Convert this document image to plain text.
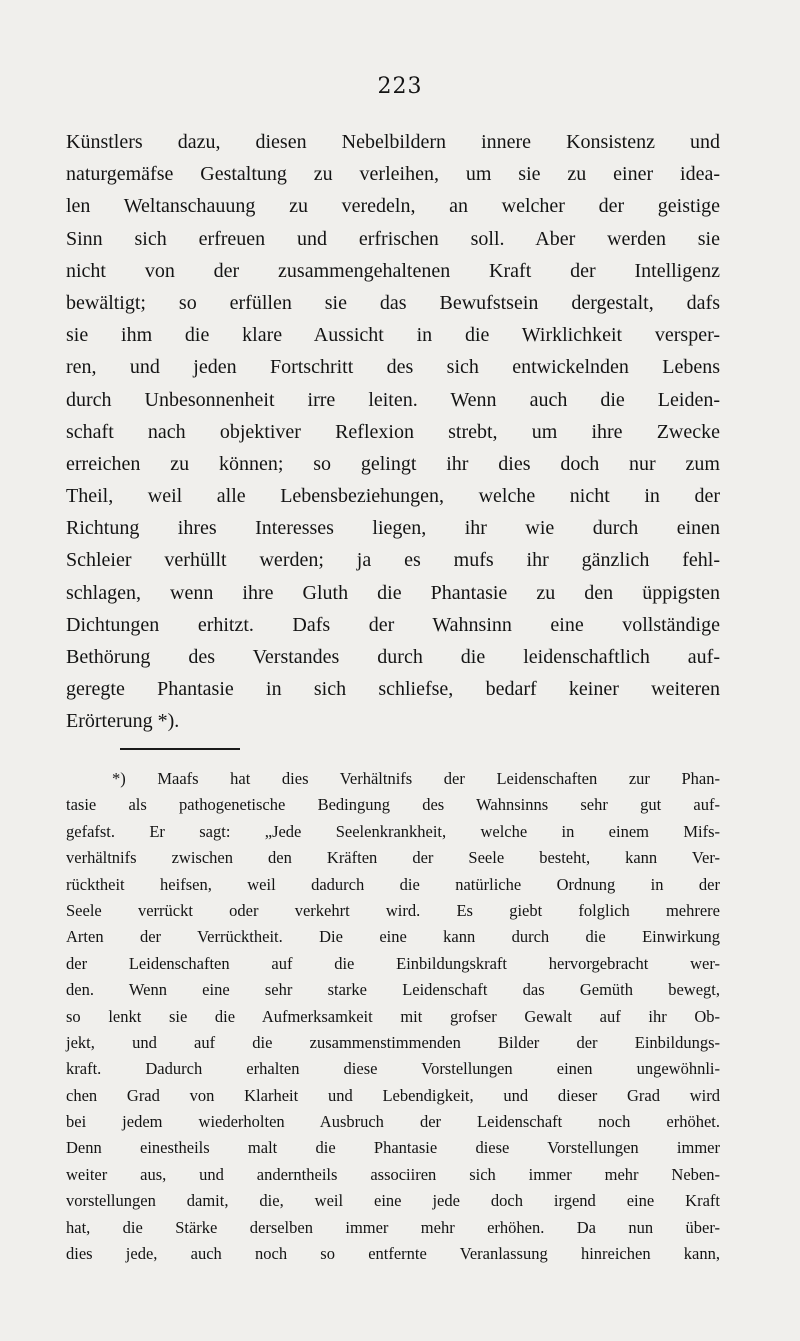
223
Künstlers dazu, diesen Nebelbildern innere Konsistenz und
naturgemäfse Gestaltung zu verleihen, um sie zu einer idea-
len Weltanschauung zu veredeln, an welcher der geistige
Sinn sich erfreuen und erfrischen soll. Aber werden sie
nicht von der zusammengehaltenen Kraft der Intelligenz
bewältigt; so erfüllen sie das Bewufstsein dergestalt, dafs
sie ihm die klare Aussicht in die Wirklichkeit versper-
ren, und jeden Fortschritt des sich entwickelnden Lebens
durch Unbesonnenheit irre leiten. Wenn auch die Leiden-
schaft nach objektiver Reflexion strebt, um ihre Zwecke
erreichen zu können; so gelingt ihr dies doch nur zum
Theil, weil alle Lebensbeziehungen, welche nicht in der
Richtung ihres Interesses liegen, ihr wie durch einen
Schleier verhüllt werden; ja es mufs ihr gänzlich fehl-
schlagen, wenn ihre Gluth die Phantasie zu den üppigsten
Dichtungen erhitzt. Dafs der Wahnsinn eine vollständige
Bethörung des Verstandes durch die leidenschaftlich auf-
geregte Phantasie in sich schliefse, bedarf keiner weiteren
Erörterung *).
*) Maafs hat dies Verhältnifs der Leidenschaften zur Phan-
tasie als pathogenetische Bedingung des Wahnsinns sehr gut auf-
gefafst. Er sagt: „Jede Seelenkrankheit, welche in einem Mifs-
verhältnifs zwischen den Kräften der Seele besteht, kann Ver-
rücktheit heifsen, weil dadurch die natürliche Ordnung in der
Seele verrückt oder verkehrt wird. Es giebt folglich mehrere
Arten der Verrücktheit. Die eine kann durch die Einwirkung
der Leidenschaften auf die Einbildungskraft hervorgebracht wer-
den. Wenn eine sehr starke Leidenschaft das Gemüth bewegt,
so lenkt sie die Aufmerksamkeit mit grofser Gewalt auf ihr Ob-
jekt, und auf die zusammenstimmenden Bilder der Einbildungs-
kraft. Dadurch erhalten diese Vorstellungen einen ungewöhnli-
chen Grad von Klarheit und Lebendigkeit, und dieser Grad wird
bei jedem wiederholten Ausbruch der Leidenschaft noch erhöhet.
Denn einestheils malt die Phantasie diese Vorstellungen immer
weiter aus, und anderntheils associiren sich immer mehr Neben-
vorstellungen damit, die, weil eine jede doch irgend eine Kraft
hat, die Stärke derselben immer mehr erhöhen. Da nun über-
dies jede, auch noch so entfernte Veranlassung hinreichen kann,
